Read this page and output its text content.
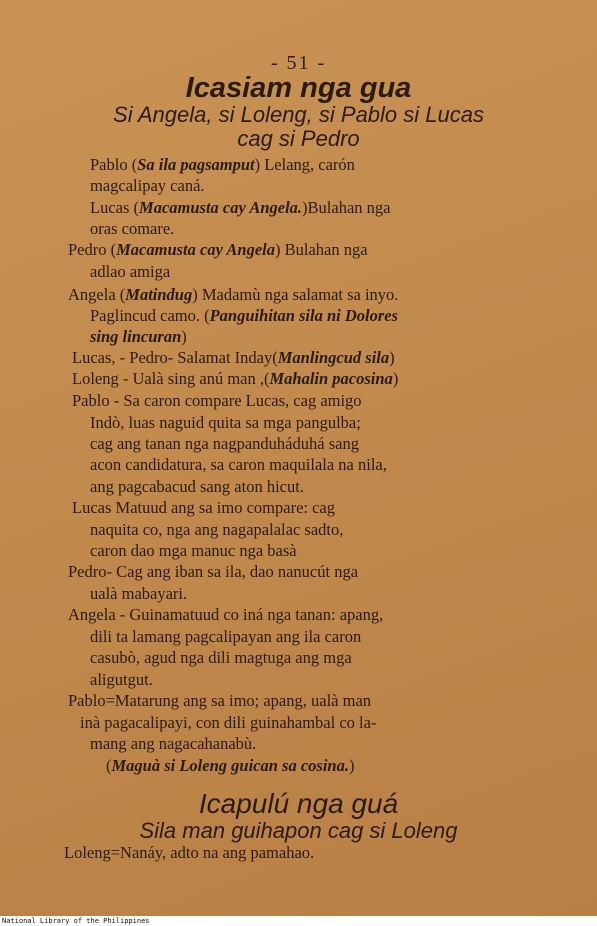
- 51 -
Icasiam nga gua
Si Angela, si Loleng, si Pablo si Lucas
cag si Pedro
Pablo (Sa ila pagsamput) Lelang, carón
magcalipay caná.
Lucas (Macamusta cay Angela.)Bulahan nga
oras comare.
Pedro (Macamusta cay Angela) Bulahan nga
adlao amiga
Angela (Matindug) Madamù nga salamat sa inyo.
Paglincud camo. (Panguihitan sila ni Dolores
sing lincuran)
Lucas, - Pedro- Salamat Inday(Manlingcud sila)
Loleng - Ualà sing anú man ,(Mahalin pacosina)
Pablo - Sa caron compare Lucas, cag amigo
Indò, luas naguid quita sa mga pangulba;
cag ang tanan nga nagpanduháduhá sang
acon candidatura, sa caron maquilala na nila,
ang pagcabacud sang aton hicut.
Lucas Matuud ang sa imo compare: cag
naquita co, nga ang nagapalalac sadto,
caron dao mga manuc nga basà
Pedro- Cag ang iban sa ila, dao nanucút nga
ualà mabayari.
Angela - Guinamatuud co iná nga tanan: apang,
dili ta lamang pagcalipayan ang ila caron
casubò, agud nga dili magtuga ang mga
aligutgut.
Pablo=Matarung ang sa imo; apang, ualà man
inà pagacalipayi, con dili guinahambal co la-
mang ang nagacahanabù.
(Maguà si Loleng guican sa cosina.)
Icapulú nga guá
Sila man guihapon cag si Loleng
Loleng=Nanáy, adto na ang pamahao.
National Library of the Philippines
